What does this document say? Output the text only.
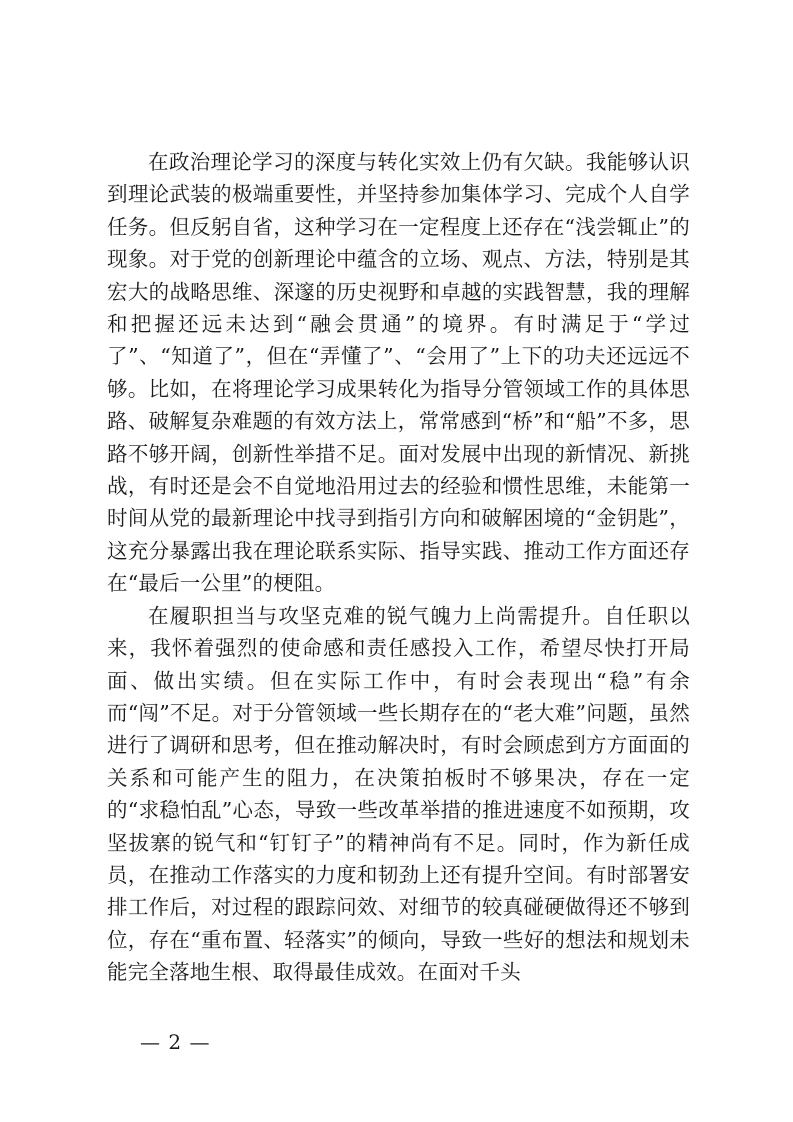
在政治理论学习的深度与转化实效上仍有欠缺。我能够认识到理论武装的极端重要性，并坚持参加集体学习、完成个人自学任务。但反躬自省，这种学习在一定程度上还存在“浅尝辄止”的现象。对于党的创新理论中蕴含的立场、观点、方法，特别是其宏大的战略思维、深邃的历史视野和卓越的实践智慧，我的理解和把握还远未达到“融会贯通”的境界。有时满足于“学过了”、“知道了”，但在“弄懂了”、“会用了”上下的功夫还远远不够。比如，在将理论学习成果转化为指导分管领域工作的具体思路、破解复杂难题的有效方法上，常常感到“桥”和“船”不多，思路不够开阔，创新性举措不足。面对发展中出现的新情况、新挑战，有时还是会不自觉地沿用过去的经验和惯性思维，未能第一时间从党的最新理论中找寻到指引方向和破解困境的“金钥匙”，这充分暴露出我在理论联系实际、指导实践、推动工作方面还存在“最后一公里”的梗阻。

在履职担当与攻坚克难的锐气魄力上尚需提升。自任职以来，我怀着强烈的使命感和责任感投入工作，希望尽快打开局面、做出实绩。但在实际工作中，有时会表现出“稳”有余而“闯”不足。对于分管领域一些长期存在的“老大难”问题，虽然进行了调研和思考，但在推动解决时，有时会顾虑到方方面面的关系和可能产生的阻力，在决策拍板时不够果决，存在一定的“求稳怕乱”心态，导致一些改革举措的推进速度不如预期，攻坚拔寨的锐气和“钉钉子”的精神尚有不足。同时，作为新任成员，在推动工作落实的力度和韧劲上还有提升空间。有时部署安排工作后，对过程的跟踪问效、对细节的较真碰硬做得还不够到位，存在“重布置、轻落实”的倾向，导致一些好的想法和规划未能完全落地生根、取得最佳成效。在面对千头

— 2 —
